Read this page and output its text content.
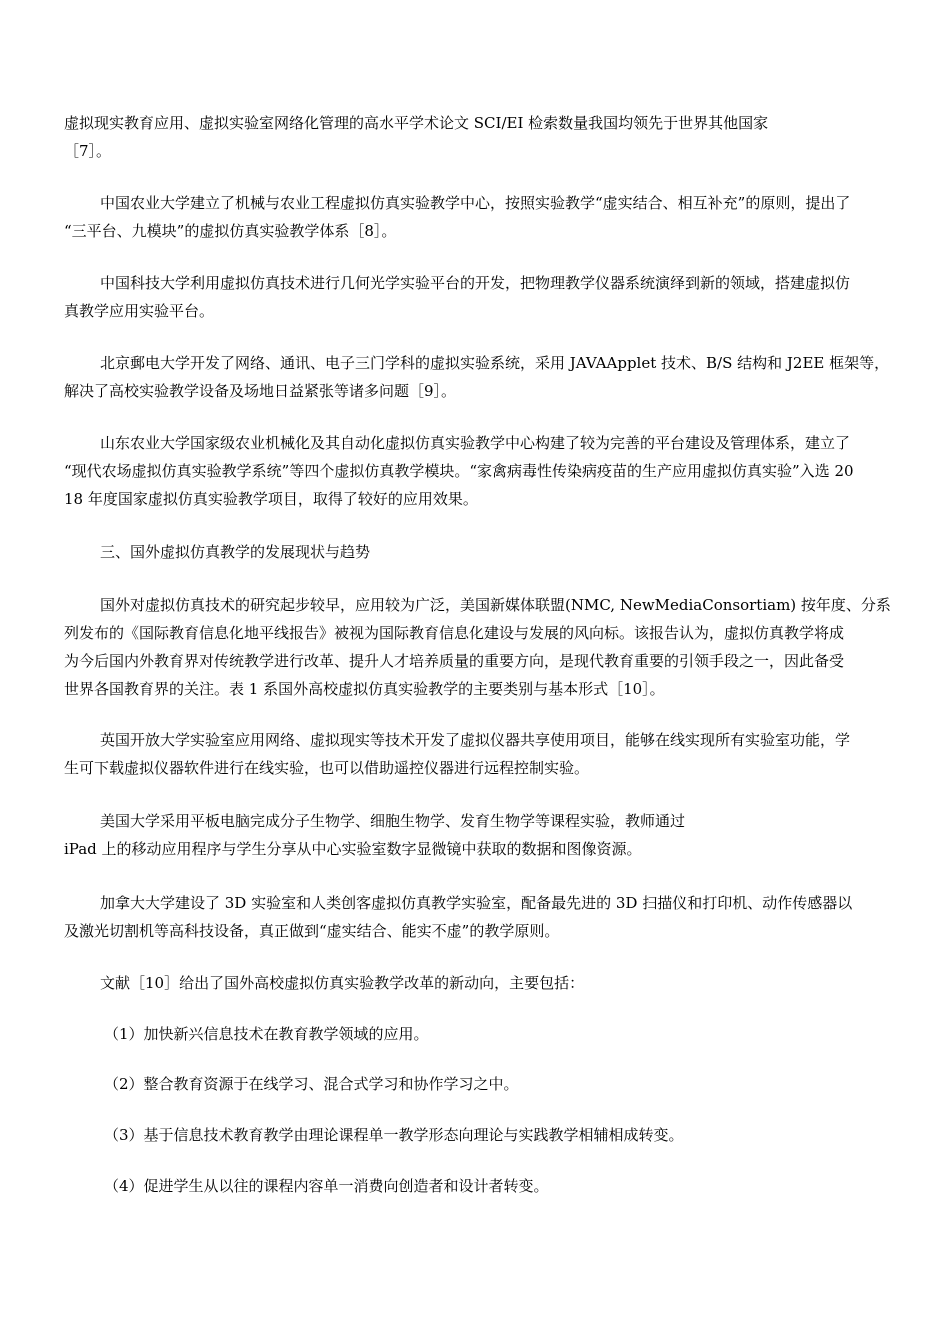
虚拟现实教育应用、虚拟实验室网络化管理的高水平学术论文 SCI/EI 检索数量我国均领先于世界其他国家
［7］。

中国农业大学建立了机械与农业工程虚拟仿真实验教学中心，按照实验教学“虚实结合、相互补充”的原则，提出了
“三平台、九模块”的虚拟仿真实验教学体系［8］。

中国科技大学利用虚拟仿真技术进行几何光学实验平台的开发，把物理教学仪器系统演绎到新的领域，搭建虚拟仿
真教学应用实验平台。

北京郵电大学开发了网络、通讯、电子三门学科的虚拟实验系统，采用 JAVAApplet 技术、B/S 结构和 J2EE 框架等，
解决了高校实验教学设备及场地日益紧张等诸多问题［9］。

山东农业大学国家级农业机械化及其自动化虚拟仿真实验教学中心构建了较为完善的平台建设及管理体系，建立了
“现代农场虚拟仿真实验教学系统”等四个虚拟仿真教学模块。“家禽病毒性传染病疫苗的生产应用虚拟仿真实验”入选 20
18 年度国家虚拟仿真实验教学项目，取得了较好的应用效果。

三、国外虚拟仿真教学的发展现状与趋势

国外对虚拟仿真技术的研究起步较早，应用较为广泛，美国新媒体联盟(NMC, NewMediaConsortiam) 按年度、分系
列发布的《国际教育信息化地平线报告》被视为国际教育信息化建设与发展的风向标。该报告认为，虚拟仿真教学将成
为今后国内外教育界对传统教学进行改革、提升人才培养质量的重要方向，是现代教育重要的引领手段之一，因此备受
世界各国教育界的关注。表 1 系国外高校虚拟仿真实验教学的主要类别与基本形式［10］。

英国开放大学实验室应用网络、虚拟现实等技术开发了虚拟仪器共享使用项目，能够在线实现所有实验室功能，学
生可下载虚拟仪器软件进行在线实验，也可以借助遥控仪器进行远程控制实验。

美国大学采用平板电脑完成分子生物学、细胞生物学、发育生物学等课程实验，教师通过
iPad 上的移动应用程序与学生分享从中心实验室数字显微镜中获取的数据和图像资源。

加拿大大学建设了 3D 实验室和人类创客虚拟仿真教学实验室，配备最先进的 3D 扫描仪和打印机、动作传感器以
及激光切割机等高科技设备，真正做到“虚实结合、能实不虚”的教学原则。

文献［10］给出了国外高校虚拟仿真实验教学改革的新动向，主要包括：

（1）加快新兴信息技术在教育教学领域的应用。

（2）整合教育资源于在线学习、混合式学习和协作学习之中。

（3）基于信息技术教育教学由理论课程单一教学形态向理论与实践教学相辅相成转变。

（4）促进学生从以往的课程内容单一消费向创造者和设计者转变。
